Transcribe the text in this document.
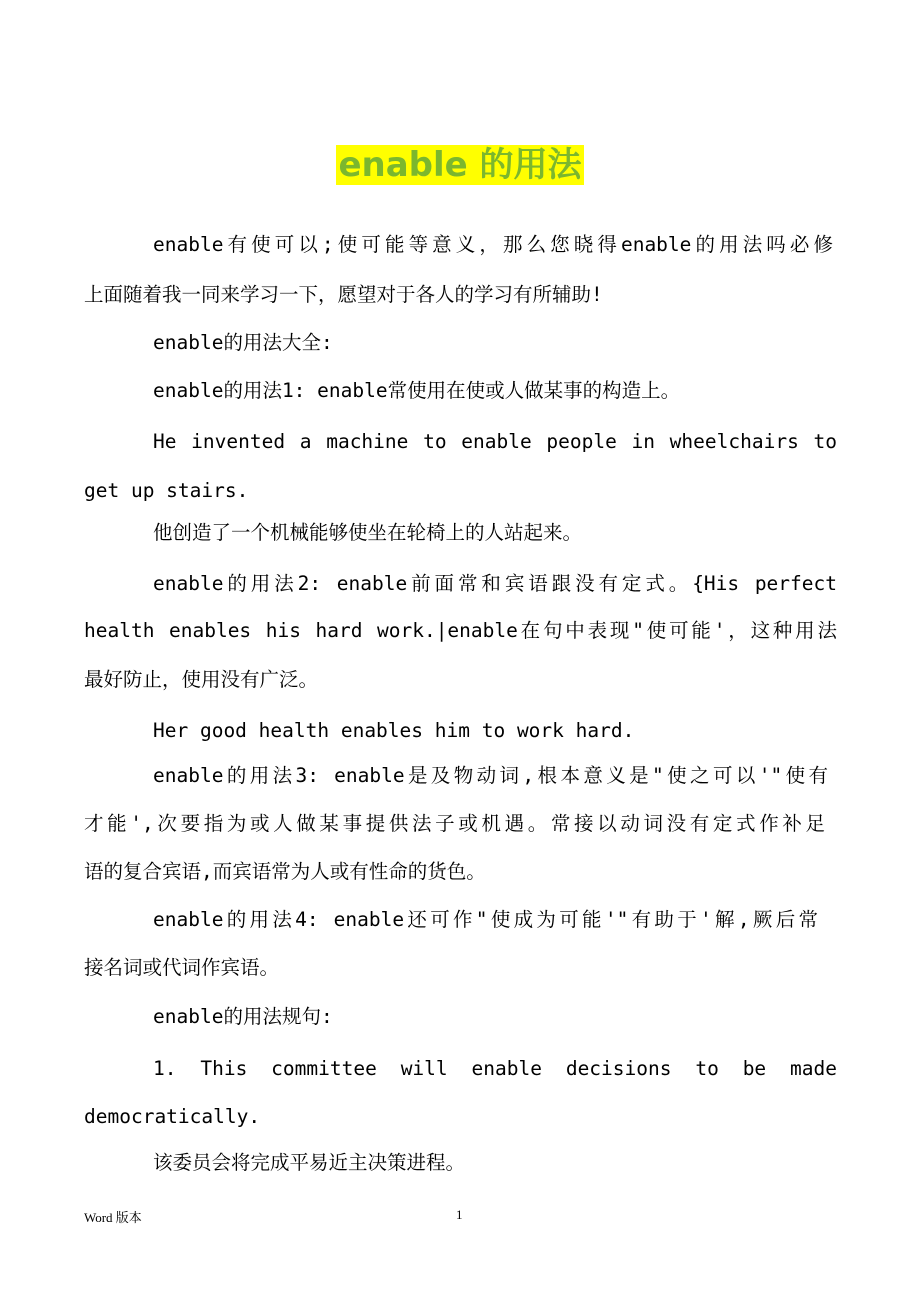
enable 的用法
enable有使可以;使可能等意义，那么您晓得enable的用法吗必修
上面随着我一同来学习一下，愿望对于各人的学习有所辅助!
enable的用法大全:
enable的用法1: enable常使用在使或人做某事的构造上。
He invented a machine to enable people in wheelchairs to
get up stairs.
他创造了一个机械能够使坐在轮椅上的人站起来。
enable的用法2: enable前面常和宾语跟没有定式。{His perfect
health enables his hard work.|enable在句中表现"使可能'，这种用法
最好防止，使用没有广泛。
Her good health enables him to work hard.
enable的用法3: enable是及物动词,根本意义是"使之可以'"使有
才能',次要指为或人做某事提供法子或机遇。常接以动词没有定式作补足
语的复合宾语,而宾语常为人或有性命的货色。
enable的用法4: enable还可作"使成为可能'"有助于'解,厥后常
接名词或代词作宾语。
enable的用法规句:
1. This committee will enable decisions to be made
democratically.
该委员会将完成平易近主决策进程。
Word 版本	1
